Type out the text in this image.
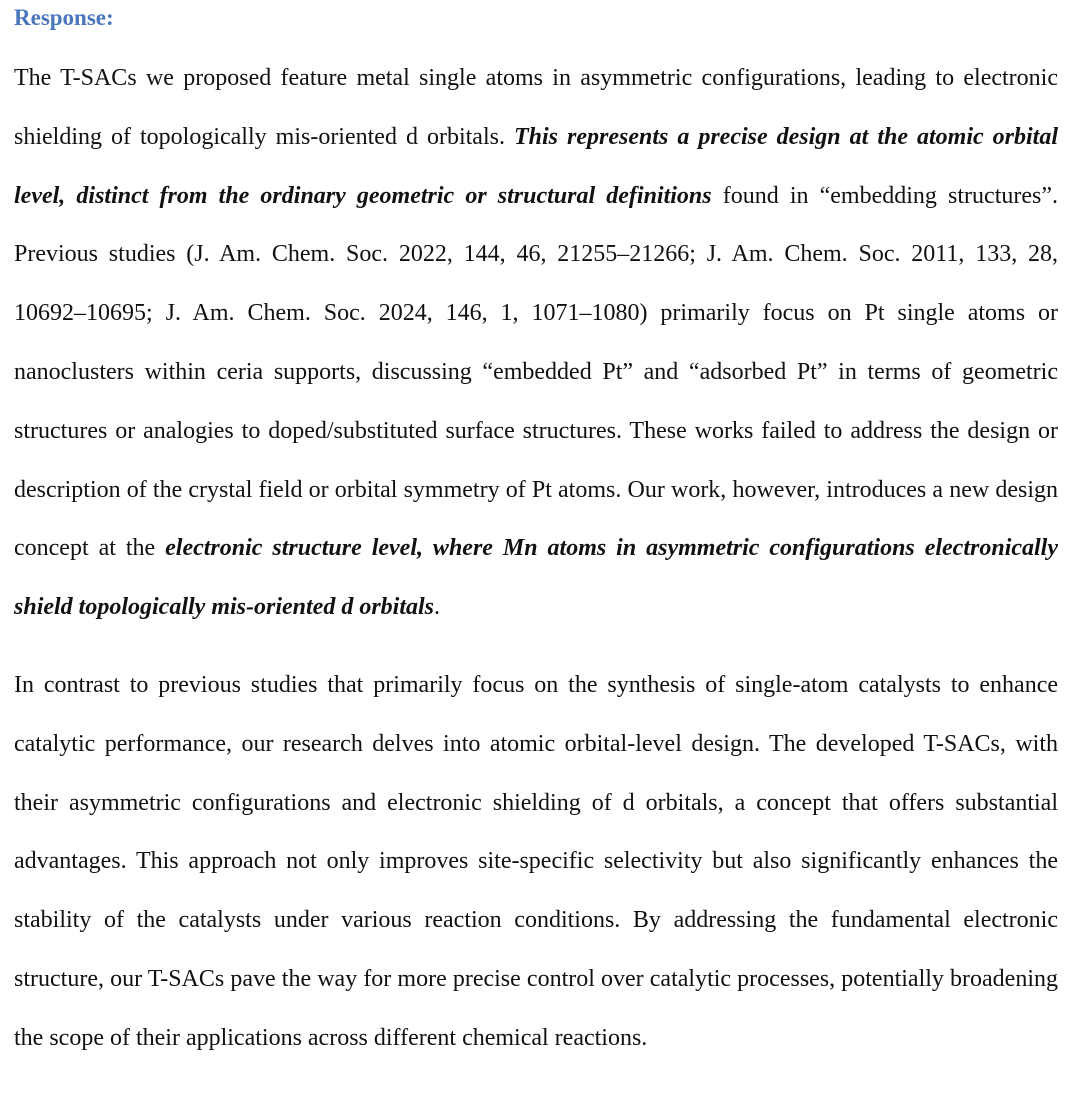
Response:

The T-SACs we proposed feature metal single atoms in asymmetric configurations, leading to electronic shielding of topologically mis-oriented d orbitals. This represents a precise design at the atomic orbital level, distinct from the ordinary geometric or structural definitions found in “embedding structures”. Previous studies (J. Am. Chem. Soc. 2022, 144, 46, 21255–21266; J. Am. Chem. Soc. 2011, 133, 28, 10692–10695; J. Am. Chem. Soc. 2024, 146, 1, 1071–1080) primarily focus on Pt single atoms or nanoclusters within ceria supports, discussing “embedded Pt” and “adsorbed Pt” in terms of geometric structures or analogies to doped/substituted surface structures. These works failed to address the design or description of the crystal field or orbital symmetry of Pt atoms. Our work, however, introduces a new design concept at the electronic structure level, where Mn atoms in asymmetric configurations electronically shield topologically mis-oriented d orbitals.

In contrast to previous studies that primarily focus on the synthesis of single-atom catalysts to enhance catalytic performance, our research delves into atomic orbital-level design. The developed T-SACs, with their asymmetric configurations and electronic shielding of d orbitals, a concept that offers substantial advantages. This approach not only improves site-specific selectivity but also significantly enhances the stability of the catalysts under various reaction conditions. By addressing the fundamental electronic structure, our T-SACs pave the way for more precise control over catalytic processes, potentially broadening the scope of their applications across different chemical reactions.
